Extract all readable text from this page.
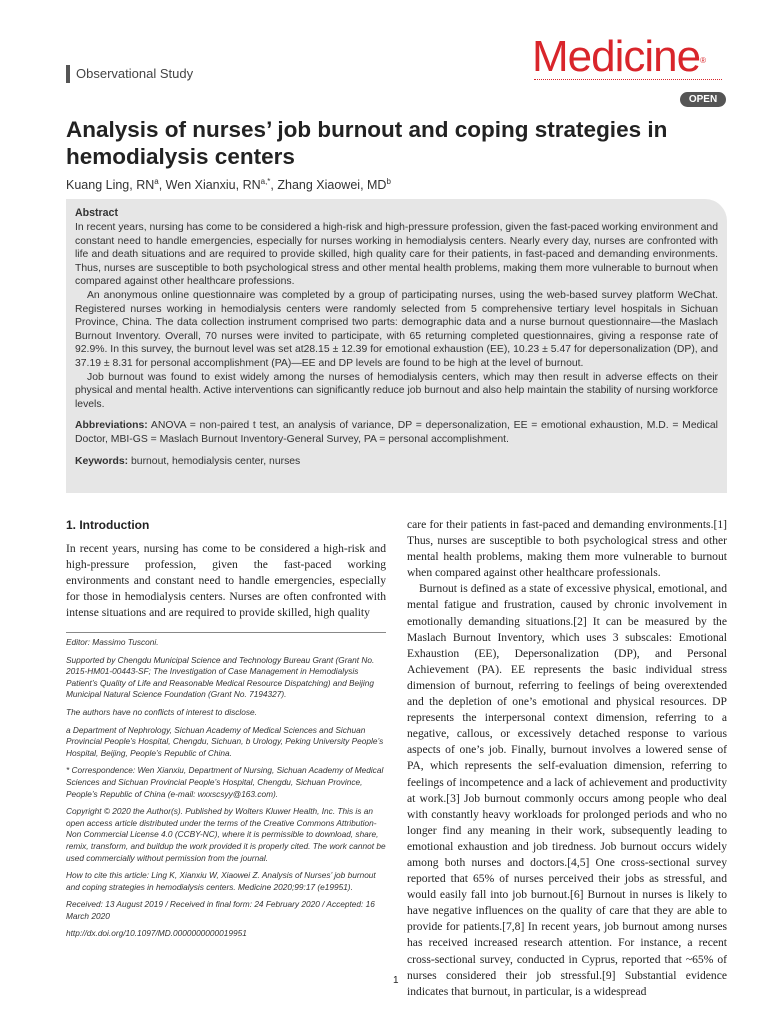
Observational Study	Medicine®
OPEN
Analysis of nurses’ job burnout and coping strategies in hemodialysis centers
Kuang Ling, $RN^a$, Wen Xianxiu, $RN^{a,*}$, Zhang Xiaowei, $MD^b$
Abstract

In recent years, nursing has come to be considered a high-risk and high-pressure profession, given the fast-paced working environment and constant need to handle emergencies, especially for nurses working in hemodialysis centers. Nearly every day, nurses are confronted with life and death situations and are required to provide skilled, high quality care for their patients, in fast-paced and demanding environments. Thus, nurses are susceptible to both psychological stress and other mental health problems, making them more vulnerable to burnout when compared against other healthcare professions.

An anonymous online questionnaire was completed by a group of participating nurses, using the web-based survey platform WeChat. Registered nurses working in hemodialysis centers were randomly selected from 5 comprehensive tertiary level hospitals in Sichuan Province, China. The data collection instrument comprised two parts: demographic data and a nurse burnout questionnaire—the Maslach Burnout Inventory. Overall, 70 nurses were invited to participate, with 65 returning completed questionnaires, giving a response rate of 92.9%. In this survey, the burnout level was set at28.15 ± 12.39 for emotional exhaustion (EE), 10.23 ± 5.47 for depersonalization (DP), and 37.19 ± 8.31 for personal accomplishment (PA)—EE and DP levels are found to be high at the level of burnout.

Job burnout was found to exist widely among the nurses of hemodialysis centers, which may then result in adverse effects on their physical and mental health. Active interventions can significantly reduce job burnout and also help maintain the stability of nursing workforce levels.

Abbreviations: ANOVA = non-paired t test, an analysis of variance, DP = depersonalization, EE = emotional exhaustion, M.D. = Medical Doctor, MBI-GS = Maslach Burnout Inventory-General Survey, PA = personal accomplishment.

Keywords: burnout, hemodialysis center, nurses

1. Introduction

In recent years, nursing has come to be considered a high-risk and high-pressure profession, given the fast-paced working environments and constant need to handle emergencies, especially for those in hemodialysis centers. Nurses are often confronted with intense situations and are required to provide skilled, high quality

Editor: Massimo Tusconi.

Supported by Chengdu Municipal Science and Technology Bureau Grant (Grant No. 2015-HM01-00443-SF; The Investigation of Case Management in Hemodialysis Patient’s Quality of Life and Reasonable Medical Resource Dispatching) and Beijing Municipal Natural Science Foundation (Grant No. 7194327).

The authors have no conflicts of interest to disclose.

a Department of Nephrology, Sichuan Academy of Medical Sciences and Sichuan Provincial People’s Hospital, Chengdu, Sichuan, b Urology, Peking University People’s Hospital, Beijing, People’s Republic of China.

* Correspondence: Wen Xianxiu, Department of Nursing, Sichuan Academy of Medical Sciences and Sichuan Provincial People’s Hospital, Chengdu, Sichuan Province, People’s Republic of China (e-mail: wxxscsyy@163.com).

Copyright © 2020 the Author(s). Published by Wolters Kluwer Health, Inc. This is an open access article distributed under the terms of the Creative Commons Attribution-Non Commercial License 4.0 (CCBY-NC), where it is permissible to download, share, remix, transform, and buildup the work provided it is properly cited. The work cannot be used commercially without permission from the journal.

How to cite this article: Ling K, Xianxiu W, Xiaowei Z. Analysis of Nurses’ job burnout and coping strategies in hemodialysis centers. Medicine 2020;99:17 (e19951).

Received: 13 August 2019 / Received in final form: 24 February 2020 / Accepted: 16 March 2020

http://dx.doi.org/10.1097/MD.0000000000019951

care for their patients in fast-paced and demanding environments.[1] Thus, nurses are susceptible to both psychological stress and other mental health problems, making them more vulnerable to burnout when compared against other healthcare professionals.

Burnout is defined as a state of excessive physical, emotional, and mental fatigue and frustration, caused by chronic involvement in emotionally demanding situations.[2] It can be measured by the Maslach Burnout Inventory, which uses 3 subscales: Emotional Exhaustion (EE), Depersonalization (DP), and Personal Achievement (PA). EE represents the basic individual stress dimension of burnout, referring to feelings of being overextended and the depletion of one’s emotional and physical resources. DP represents the interpersonal context dimension, referring to a negative, callous, or excessively detached response to various aspects of one’s job. Finally, burnout involves a lowered sense of PA, which represents the self-evaluation dimension, referring to feelings of incompetence and a lack of achievement and productivity at work.[3] Job burnout commonly occurs among people who deal with constantly heavy workloads for prolonged periods and who no longer find any meaning in their work, subsequently leading to emotional exhaustion and job tiredness. Job burnout occurs widely among both nurses and doctors.[4,5] One cross-sectional survey reported that 65% of nurses perceived their jobs as stressful, and would easily fall into job burnout.[6] Burnout in nurses is likely to have negative influences on the quality of care that they are able to provide for patients.[7,8] In recent years, job burnout among nurses has received increased research attention. For instance, a recent cross-sectional survey, conducted in Cyprus, reported that ~65% of nurses considered their job stressful.[9] Substantial evidence indicates that burnout, in particular, is a widespread

1
